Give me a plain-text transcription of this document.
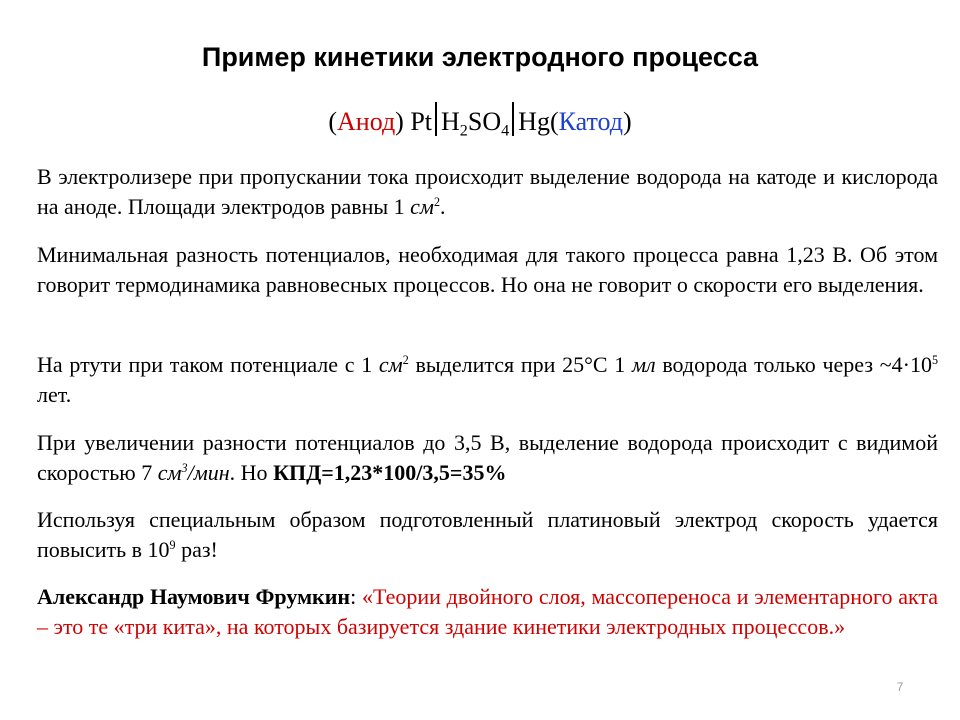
Пример кинетики электродного процесса
(Анод) Pt $H_2SO_4$ Hg(Катод)
В электролизере при пропускании тока происходит выделение водорода на катоде и кислорода на аноде. Площади электродов равны 1 $см^2$.
Минимальная разность потенциалов, необходимая для такого процесса равна 1,23 В. Об этом говорит термодинамика равновесных процессов. Но она не говорит о скорости его выделения.
На ртути при таком потенциале с 1 $см^2$ выделится при 25°С 1 мл водорода только через $\sim 4\cdot 10^5$ лет.
При увеличении разности потенциалов до 3,5 В, выделение водорода происходит с видимой скоростью 7 $см^3$/мин. Но КПД=1,23*100/3,5=35%
Используя специальным образом подготовленный платиновый электрод скорость удается повысить в $10^9$ раз!
Александр Наумович Фрумкин: «Теории двойного слоя, массопереноса и элементарного акта – это те «три кита», на которых базируется здание кинетики электродных процессов.»
7
